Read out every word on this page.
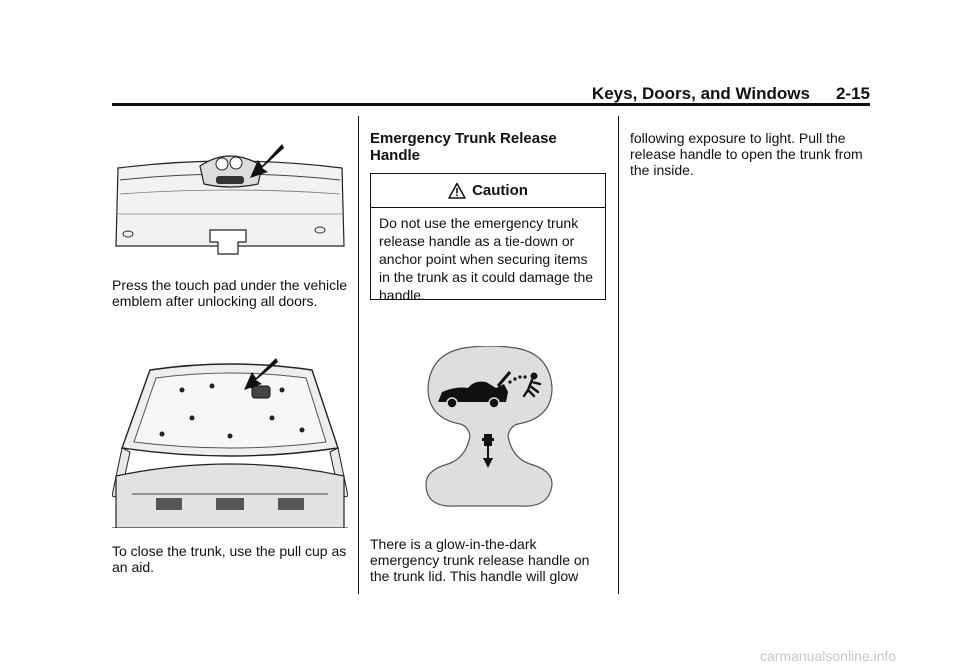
Keys, Doors, and Windows 2-15

Press the touch pad under the vehicle emblem after unlocking all doors.

To close the trunk, use the pull cup as an aid.

Emergency Trunk Release Handle
Caution
Do not use the emergency trunk release handle as a tie-down or anchor point when securing items in the trunk as it could damage the handle.

There is a glow-in-the-dark emergency trunk release handle on the trunk lid. This handle will glow

following exposure to light. Pull the release handle to open the trunk from the inside.

carmanualsonline.info
